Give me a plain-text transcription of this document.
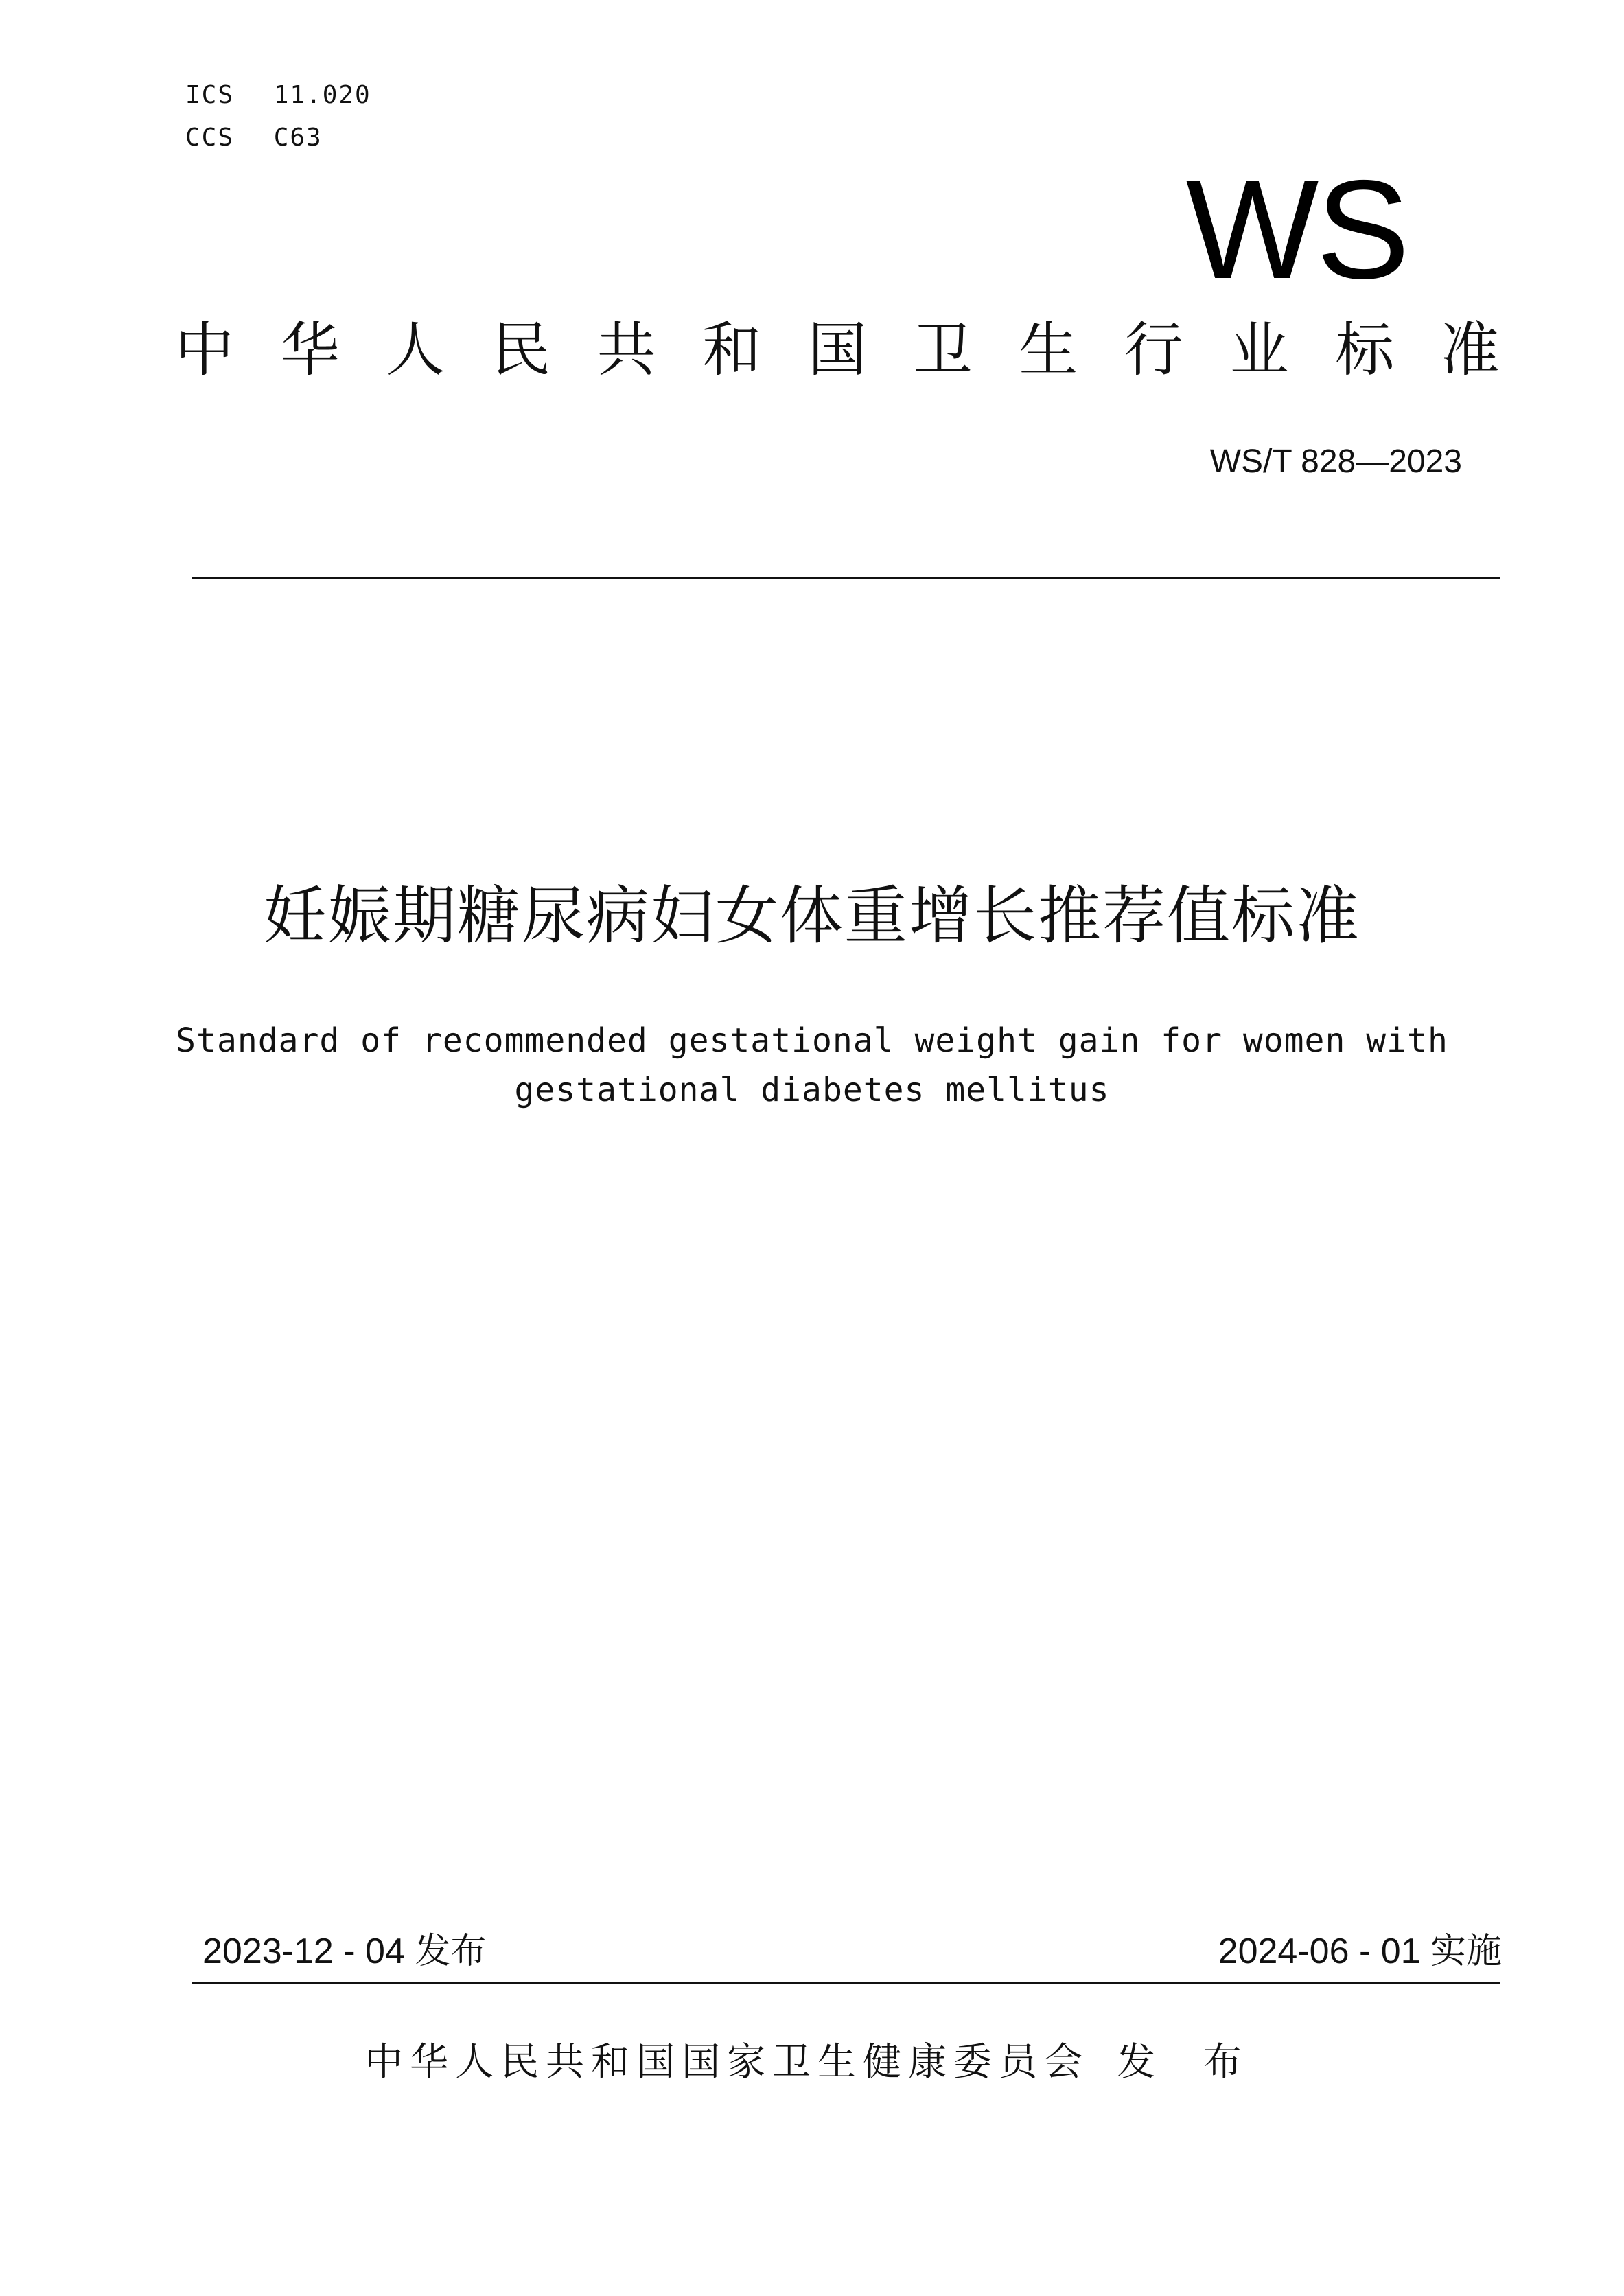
ICS 11.020
CCS C63
WS
中 华 人 民 共 和 国 卫 生 行 业 标 准
WS/T 828—2023
妊娠期糖尿病妇女体重增长推荐值标准
Standard of recommended gestational weight gain for women with
gestational diabetes mellitus
2023-12 - 04 发布	2024-06 - 01 实施
中华人民共和国国家卫生健康委员会 发 布
